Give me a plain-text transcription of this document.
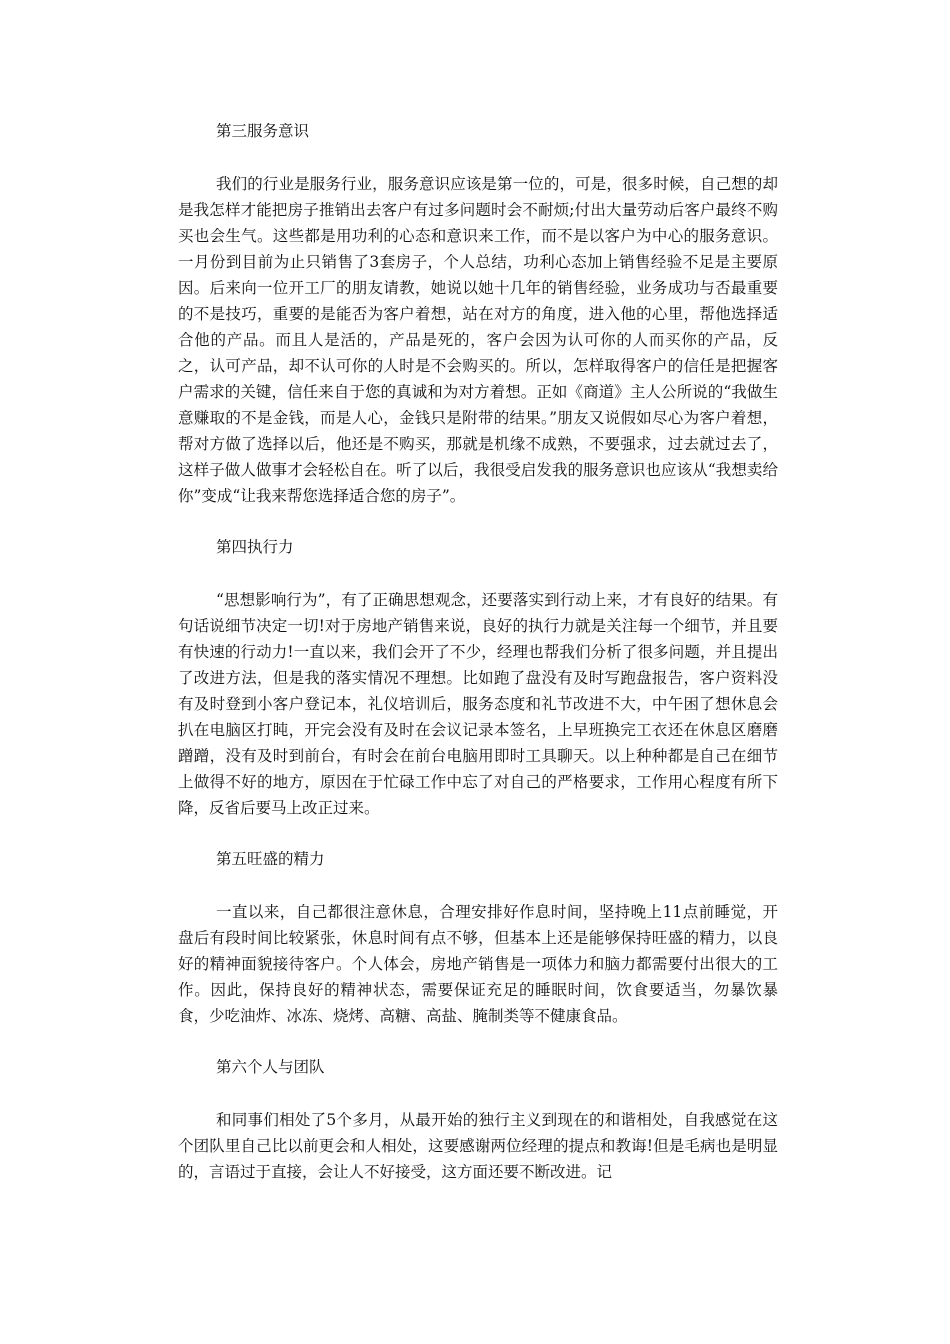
第三服务意识

我们的行业是服务行业，服务意识应该是第一位的，可是，很多时候，自己想的却是我怎样才能把房子推销出去客户有过多问题时会不耐烦;付出大量劳动后客户最终不购买也会生气。这些都是用功利的心态和意识来工作，而不是以客户为中心的服务意识。一月份到目前为止只销售了3套房子，个人总结，功利心态加上销售经验不足是主要原因。后来向一位开工厂的朋友请教，她说以她十几年的销售经验，业务成功与否最重要的不是技巧，重要的是能否为客户着想，站在对方的角度，进入他的心里，帮他选择适合他的产品。而且人是活的，产品是死的，客户会因为认可你的人而买你的产品，反之，认可产品，却不认可你的人时是不会购买的。所以，怎样取得客户的信任是把握客户需求的关键，信任来自于您的真诚和为对方着想。正如《商道》主人公所说的“我做生意赚取的不是金钱，而是人心，金钱只是附带的结果。”朋友又说假如尽心为客户着想，帮对方做了选择以后，他还是不购买，那就是机缘不成熟，不要强求，过去就过去了，这样子做人做事才会轻松自在。听了以后，我很受启发我的服务意识也应该从“我想卖给你”变成“让我来帮您选择适合您的房子”。

第四执行力

“思想影响行为”，有了正确思想观念，还要落实到行动上来，才有良好的结果。有句话说细节决定一切!对于房地产销售来说，良好的执行力就是关注每一个细节，并且要有快速的行动力!一直以来，我们会开了不少，经理也帮我们分析了很多问题，并且提出了改进方法，但是我的落实情况不理想。比如跑了盘没有及时写跑盘报告，客户资料没有及时登到小客户登记本，礼仪培训后，服务态度和礼节改进不大，中午困了想休息会扒在电脑区打盹，开完会没有及时在会议记录本签名，上早班换完工衣还在休息区磨磨蹭蹭，没有及时到前台，有时会在前台电脑用即时工具聊天。以上种种都是自己在细节上做得不好的地方，原因在于忙碌工作中忘了对自己的严格要求，工作用心程度有所下降，反省后要马上改正过来。

第五旺盛的精力

一直以来，自己都很注意休息，合理安排好作息时间，坚持晚上11点前睡觉，开盘后有段时间比较紧张，休息时间有点不够，但基本上还是能够保持旺盛的精力，以良好的精神面貌接待客户。个人体会，房地产销售是一项体力和脑力都需要付出很大的工作。因此，保持良好的精神状态，需要保证充足的睡眠时间，饮食要适当，勿暴饮暴食，少吃油炸、冰冻、烧烤、高糖、高盐、腌制类等不健康食品。

第六个人与团队

和同事们相处了5个多月，从最开始的独行主义到现在的和谐相处，自我感觉在这个团队里自己比以前更会和人相处，这要感谢两位经理的提点和教诲!但是毛病也是明显的，言语过于直接，会让人不好接受，这方面还要不断改进。记
